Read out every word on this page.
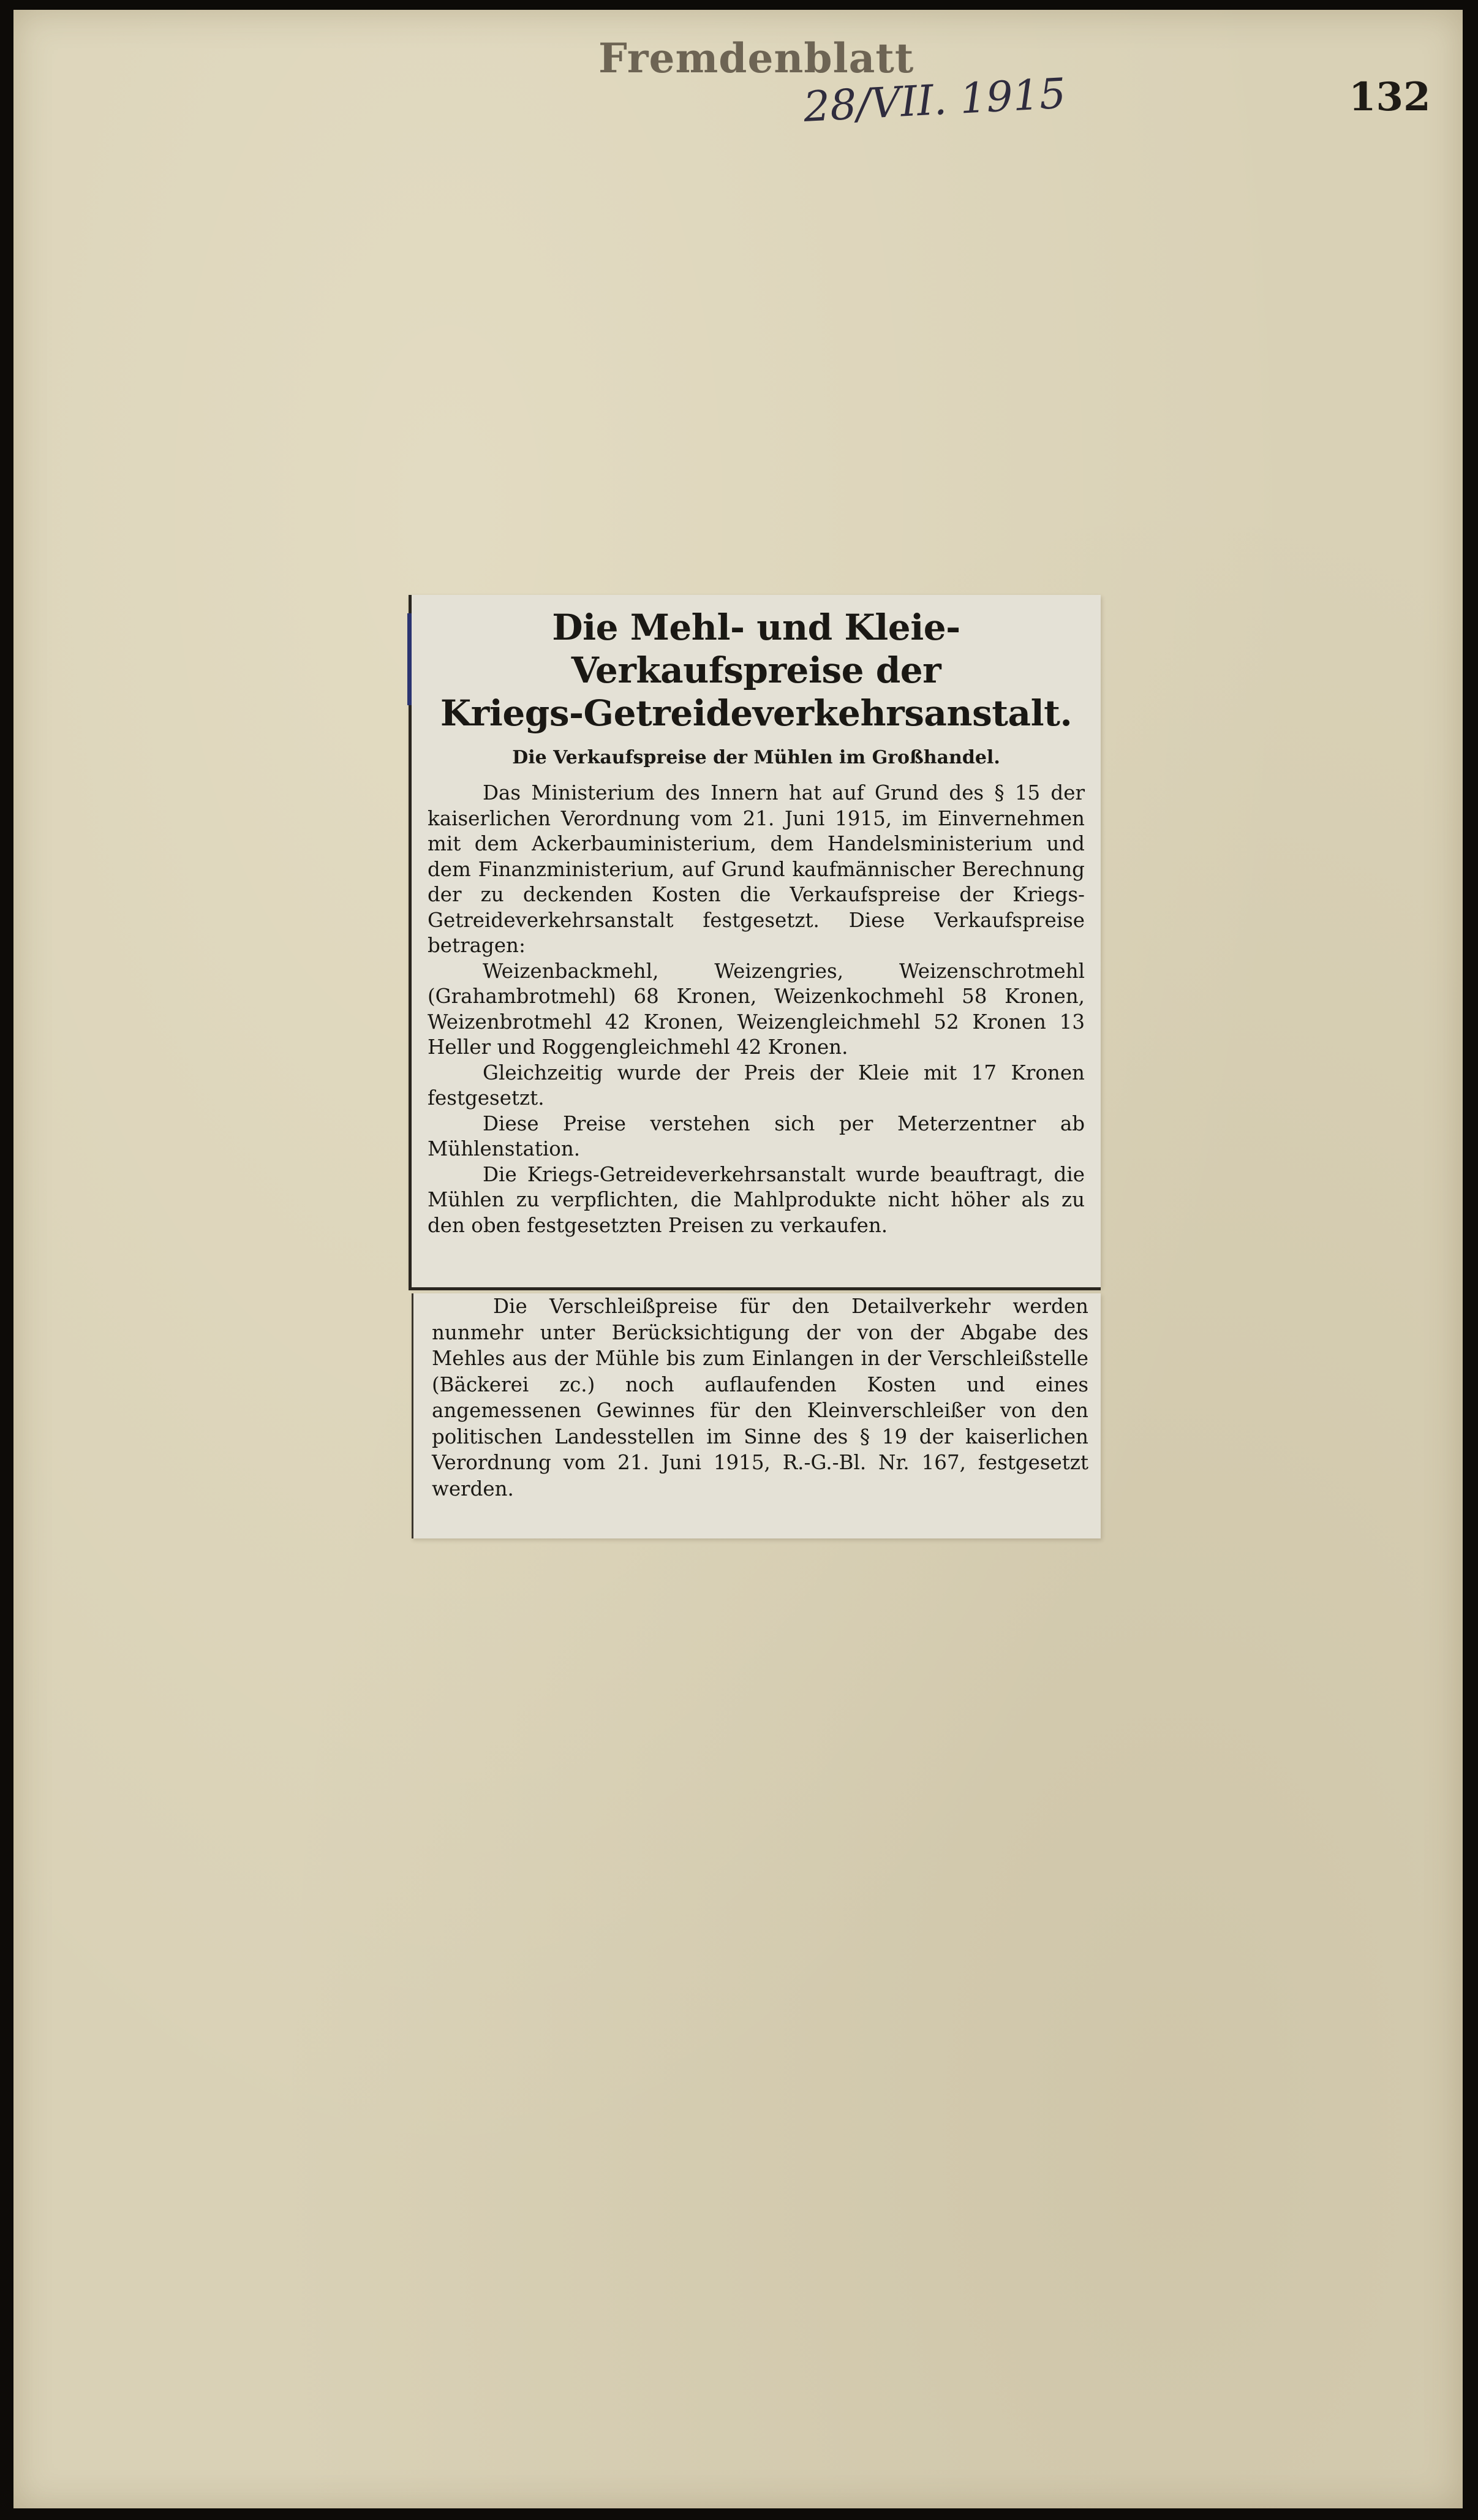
Fremdenblatt
28/VII. 1915	132
Die Mehl- und Kleie-Verkaufspreise der
Kriegs-Getreideverkehrsanstalt.
Die Verkaufspreise der Mühlen im Großhandel.

Das Ministerium des Innern hat auf Grund des § 15 der kaiserlichen Verordnung vom 21. Juni 1915, im Einvernehmen mit dem Ackerbauministerium, dem Handelsministerium und dem Finanzministerium, auf Grund kaufmännischer Berechnung der zu deckenden Kosten die Verkaufspreise der Kriegs-Getreideverkehrsanstalt festgesetzt. Diese Verkaufspreise betragen:

Weizenbackmehl, Weizengries, Weizenschrotmehl (Grahambrotmehl) 68 Kronen, Weizenkochmehl 58 Kronen, Weizenbrotmehl 42 Kronen, Weizengleichmehl 52 Kronen 13 Heller und Roggengleichmehl 42 Kronen.

Gleichzeitig wurde der Preis der Kleie mit 17 Kronen festgesetzt.

Diese Preise verstehen sich per Meterzentner ab Mühlenstation.

Die Kriegs-Getreideverkehrsanstalt wurde beauftragt, die Mühlen zu verpflichten, die Mahlprodukte nicht höher als zu den oben festgesetzten Preisen zu verkaufen.

Die Verschleißpreise für den Detailverkehr werden nunmehr unter Berücksichtigung der von der Abgabe des Mehles aus der Mühle bis zum Einlangen in der Verschleißstelle (Bäckerei zc.) noch auflaufenden Kosten und eines angemessenen Gewinnes für den Kleinverschleißer von den politischen Landesstellen im Sinne des § 19 der kaiserlichen Verordnung vom 21. Juni 1915, R.-G.-Bl. Nr. 167, festgesetzt werden.
